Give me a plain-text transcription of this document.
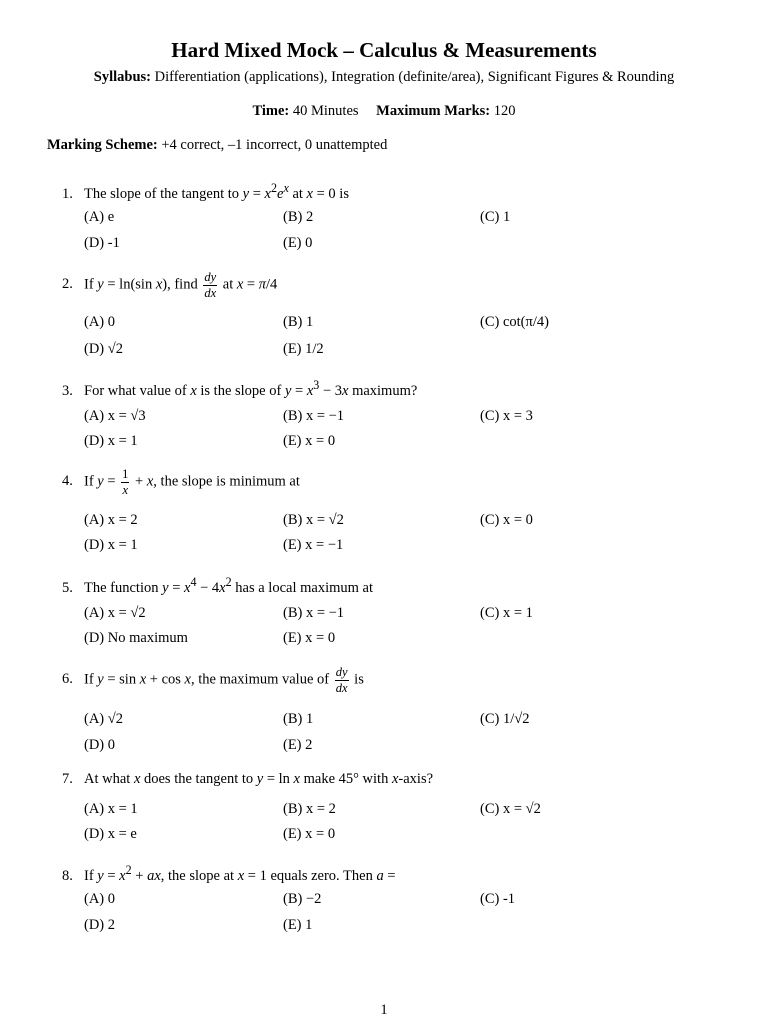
Hard Mixed Mock – Calculus & Measurements
Syllabus: Differentiation (applications), Integration (definite/area), Significant Figures & Rounding
Time: 40 Minutes Maximum Marks: 120
Marking Scheme: +4 correct, –1 incorrect, 0 unattempted
1. The slope of the tangent to $y = x^2e^x$ at x = 0 is
(A) e	(B) 2	(C) 1
(D) -1	(E) 0
2. If y = ln(sin x), find $\frac{dy}{dx}$ at x = π/4
(A) 0	(B) 1	(C) cot(π/4)
(D) √2	(E) 1/2
3. For what value of x is the slope of $y = x^3 - 3x$ maximum?
(A) x = √3	(B) x = −1	(C) x = 3
(D) x = 1	(E) x = 0
4. If $y = \frac{1}{x} + x$, the slope is minimum at
(A) x = 2	(B) x = √2	(C) x = 0
(D) x = 1	(E) x = −1
5. The function $y = x^4 - 4x^2$ has a local maximum at
(A) x = √2	(B) x = −1	(C) x = 1
(D) No maximum	(E) x = 0
6. If y = sin x + cos x, the maximum value of $\frac{dy}{dx}$ is
(A) √2	(B) 1	(C) 1/√2
(D) 0	(E) 2
7. At what x does the tangent to y = ln x make 45° with x-axis?
(A) x = 1	(B) x = 2	(C) x = √2
(D) x = e	(E) x = 0
8. If $y = x^2$ + ax, the slope at x = 1 equals zero. Then a =
(A) 0	(B) −2	(C) -1
(D) 2	(E) 1
1
